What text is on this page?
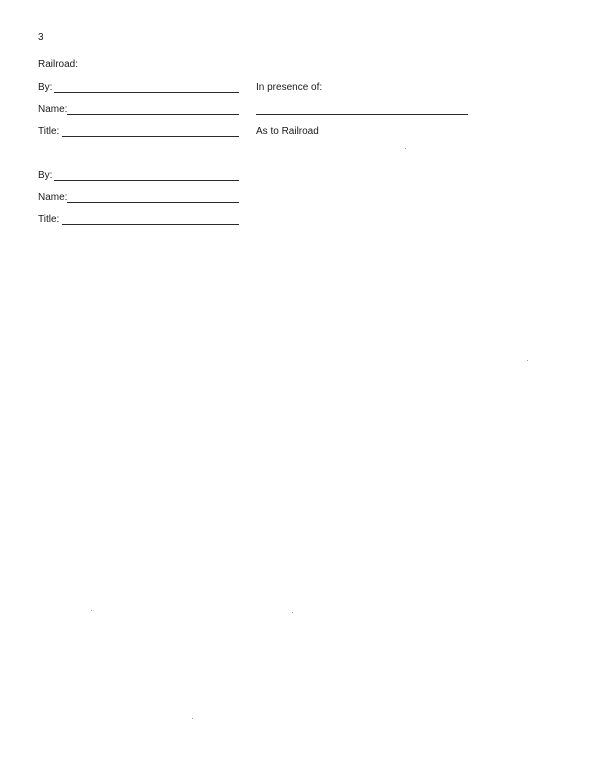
3
Railroad:
By:
Name:
Title:
In presence of:
As to Railroad
By:
Name:
Title:
